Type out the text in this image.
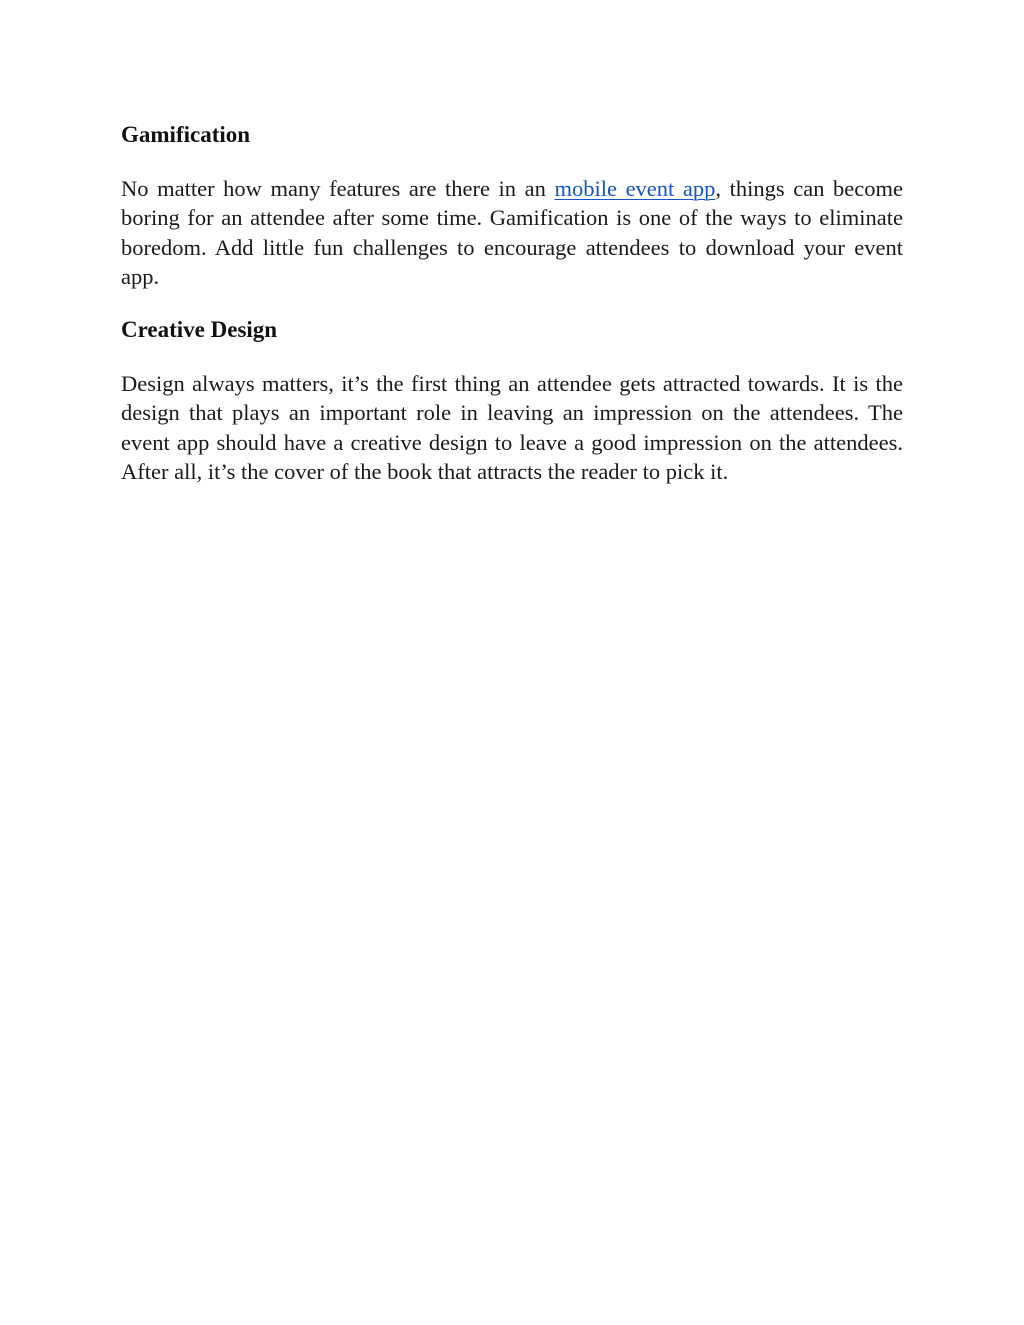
Gamification

No matter how many features are there in an mobile event app, things can become boring for an attendee after some time. Gamification is one of the ways to eliminate boredom. Add little fun challenges to encourage attendees to download your event app.

Creative Design

Design always matters, it’s the first thing an attendee gets attracted towards. It is the design that plays an important role in leaving an impression on the attendees. The event app should have a creative design to leave a good impression on the attendees. After all, it’s the cover of the book that attracts the reader to pick it.
